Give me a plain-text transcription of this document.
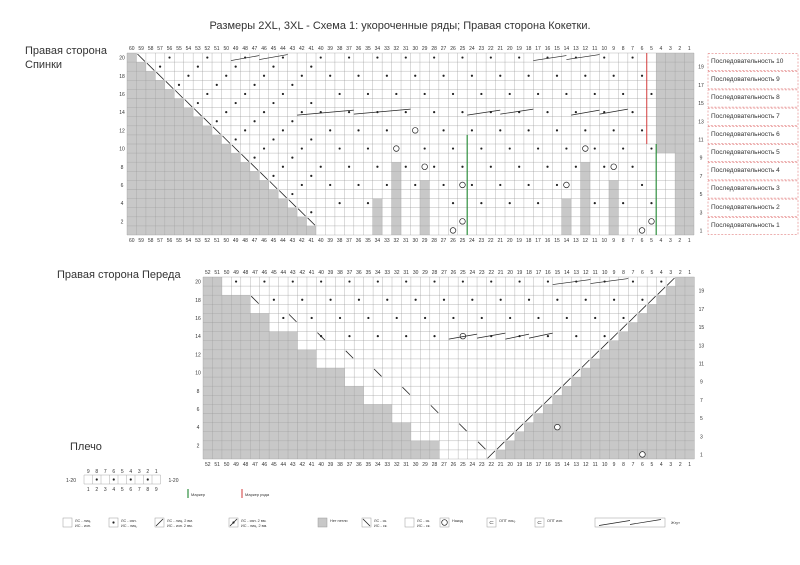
Размеры 2XL, 3XL - Схема 1: укороченные ряды; Правая сторона Кокетки.
Правая сторона
Спинки
Правая сторона Переда
Плечо
60
60
59
59
58
58
57
57
56
56
55
55
54
54
53
53
52
52
51
51
50
50
49
49
48
48
47
47
46
46
45
45
44
44
43
43
42
42
41
41
40
40
39
39
38
38
37
37
36
36
35
35
34
34
33
33
32
32
31
31
30
30
29
29
28
28
27
27
26
26
25
25
24
24
23
23
22
22
21
21
20
20
19
19
18
18
17
17
16
16
15
15
14
14
13
13
12
12
11
11
10
10
9
9
8
8
7
7
6
6
5
5
4
4
3
3
2
2
1
1
20
18
16
14
12
10
8
6
4
2
19
17
15
13
11
9
7
5
3
1
52
52
51
51
50
50
49
49
48
48
47
47
46
46
45
45
44
44
43
43
42
42
41
41
40
40
39
39
38
38
37
37
36
36
35
35
34
34
33
33
32
32
31
31
30
30
29
29
28
28
27
27
26
26
25
25
24
24
23
23
22
22
21
21
20
20
19
19
18
18
17
17
16
16
15
15
14
14
13
13
12
12
11
11
10
10
9
9
8
8
7
7
6
6
5
5
4
4
3
3
2
2
1
1
20
18
16
14
12
10
8
6
4
2
19
17
15
13
11
9
7
5
3
1
9 8 7 6 5 4 3 2 1
1 2 3 4 5 6 7 8 9
1-20	1-20
Маркер	Маркер ряда
ЛС - лиц.
ИС - изн.
ЛС - изн.
ИС - лиц.
ЛС - лиц. 2 вм.
ИС - изн. 2 вм.
ЛС - изн. 2 вм.
ИС - лиц. 2 вм.
Нет петли	ЛС - ск.
ИС - ск.
ЛС - ск.
ИС - ск.
Накид	⊂ ОПТ лиц.	⊂ ОПТ изн.	Жгут
Последовательность 10
Последовательность 9
Последовательность 8
Последовательность 7
Последовательность 6
Последовательность 5
Последовательность 4
Последовательность 3
Последовательность 2
Последовательность 1
